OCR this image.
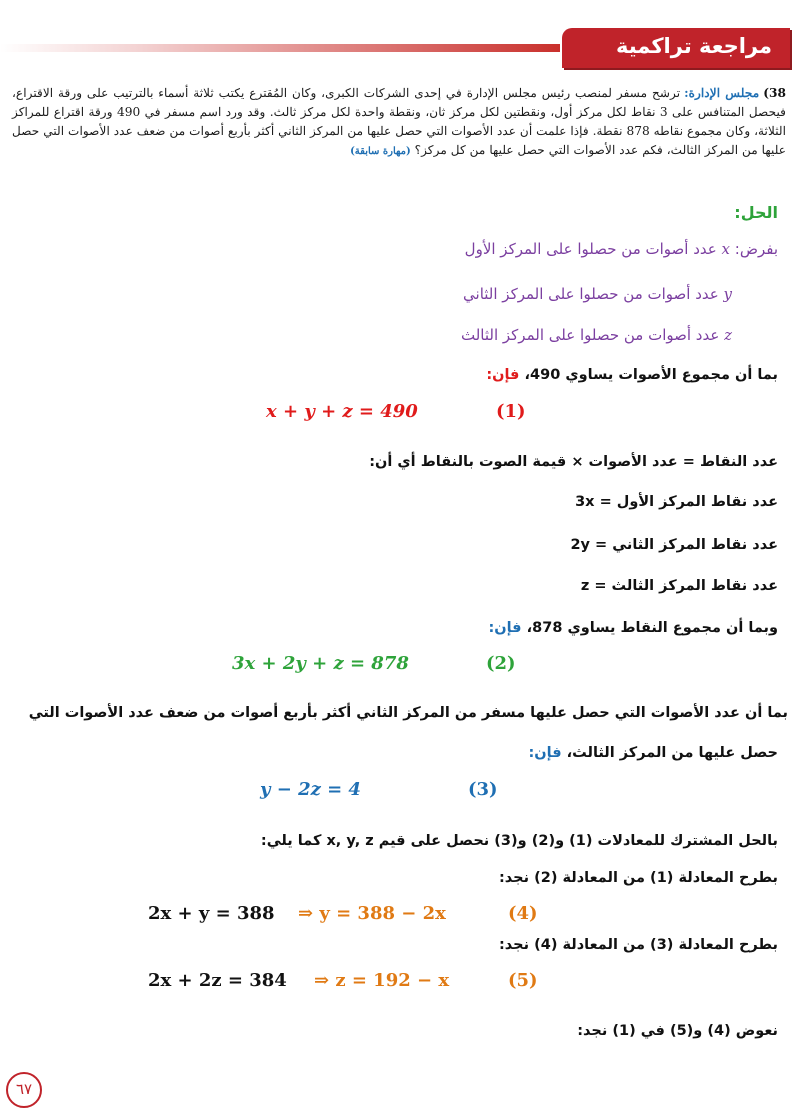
مراجعة تراكمية
38)مجلس الإدارة:ترشح مسفر لمنصب رئيس مجلس الإدارة في إحدى الشركات الكبرى، وكان المُقترع يكتب ثلاثة أسماء بالترتيب على ورقة الاقتراع، فيحصل المتنافس على 3 نقاط لكل مركز أول، ونقطتين لكل مركز ثان، ونقطة واحدة لكل مركز ثالث. وقد ورد اسم مسفر في 490 ورقة اقتراع للمراكز الثلاثة، وكان مجموع نقاطه 878 نقطة. فإذا علمت أن عدد الأصوات التي حصل عليها من المركز الثاني أكثر بأربع أصوات من ضعف عدد الأصوات التي حصل عليها من المركز الثالث، فكم عدد الأصوات التي حصل عليها من كل مركز؟ (مهارة سابقة)
الحل:
بفرض: x عدد أصوات من حصلوا على المركز الأول
y عدد أصوات من حصلوا على المركز الثاني
z عدد أصوات من حصلوا على المركز الثالث
بما أن مجموع الأصوات يساوي 490، فإن:
x + y + z = 490	(1)
عدد النقاط = عدد الأصوات × قيمة الصوت بالنقاط أي أن:
عدد نقاط المركز الأول = 3x
عدد نقاط المركز الثاني = 2y
عدد نقاط المركز الثالث = z
وبما أن مجموع النقاط يساوي 878، فإن:
3x + 2y + z = 878	(2)
بما أن عدد الأصوات التي حصل عليها مسفر من المركز الثاني أكثر بأربع أصوات من ضعف عدد الأصوات التي
حصل عليها من المركز الثالث، فإن:
y − 2z = 4	(3)
بالحل المشترك للمعادلات (1) و(2) و(3) نحصل على قيم x, y, z كما يلي:
بطرح المعادلة (1) من المعادلة (2) نجد:
2x + y = 388 ⇒ y = 388 − 2x	(4)
بطرح المعادلة (3) من المعادلة (4) نجد:
2x + 2z = 384 ⇒ z = 192 − x	(5)
نعوض (4) و(5) في (1) نجد:
٦٧
